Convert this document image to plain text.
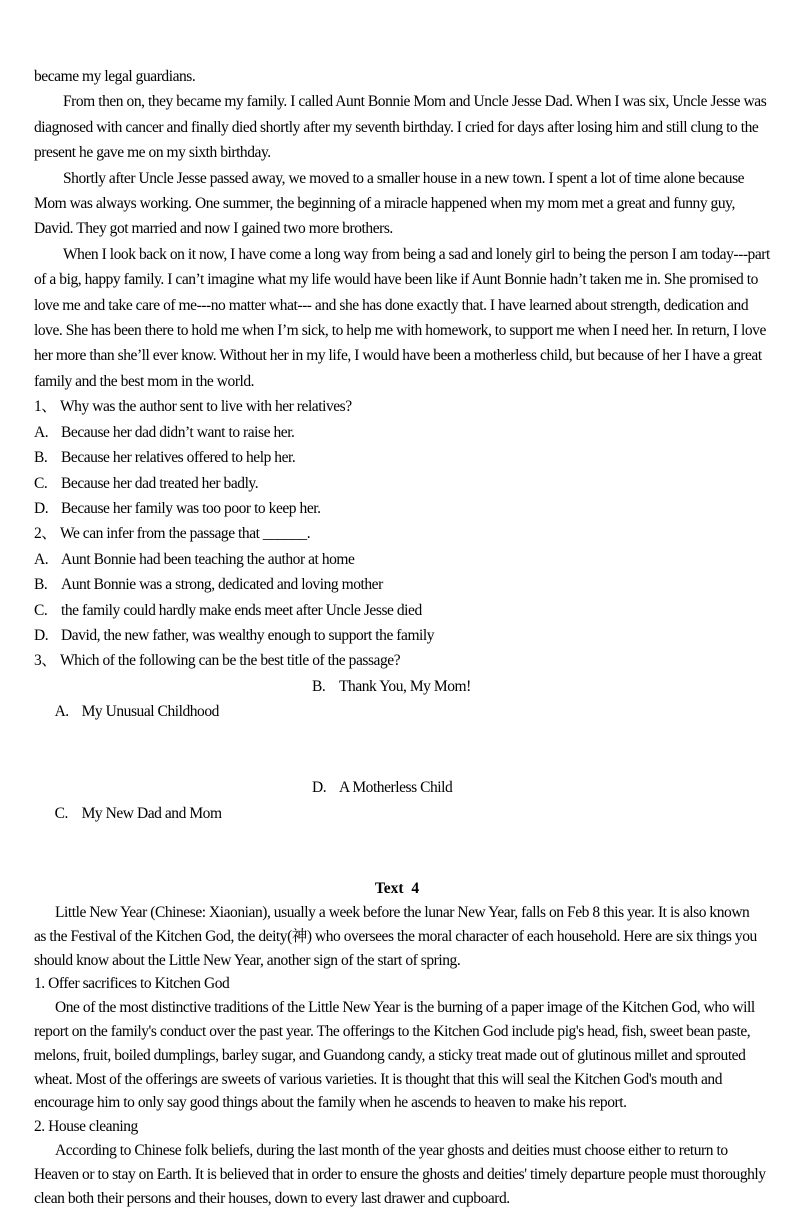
became my legal guardians.
From then on, they became my family. I called Aunt Bonnie Mom and Uncle Jesse Dad. When I was six, Uncle Jesse was
diagnosed with cancer and finally died shortly after my seventh birthday. I cried for days after losing him and still clung to the
present he gave me on my sixth birthday.
Shortly after Uncle Jesse passed away, we moved to a smaller house in a new town. I spent a lot of time alone because
Mom was always working. One summer, the beginning of a miracle happened when my mom met a great and funny guy,
David. They got married and now I gained two more brothers.
When I look back on it now, I have come a long way from being a sad and lonely girl to being the person I am today---part
of a big, happy family. I can’t imagine what my life would have been like if Aunt Bonnie hadn’t taken me in. She promised to
love me and take care of me---no matter what--- and she has done exactly that. I have learned about strength, dedication and
love. She has been there to hold me when I’m sick, to help me with homework, to support me when I need her. In return, I love
her more than she’ll ever know. Without her in my life, I would have been a motherless child, but because of her I have a great
family and the best mom in the world.
1、 Why was the author sent to live with her relatives?
A. Because her dad didn’t want to raise her.
B. Because her relatives offered to help her.
C. Because her dad treated her badly.
D. Because her family was too poor to keep her.
2、 We can infer from the passage that ______.
A. Aunt Bonnie had been teaching the author at home
B. Aunt Bonnie was a strong, dedicated and loving mother
C. the family could hardly make ends meet after Uncle Jesse died
D. David, the new father, was wealthy enough to support the family
3、 Which of the following can be the best title of the passage?

A. My Unusual Childhood

B. Thank You, My Mom!

C. My New Dad and Mom

D. A Motherless Child

Text  4
Little New Year (Chinese: Xiaonian), usually a week before the lunar New Year, falls on Feb 8 this year. It is also known
as the Festival of the Kitchen God, the deity(神) who oversees the moral character of each household. Here are six things you
should know about the Little New Year, another sign of the start of spring.
1. Offer sacrifices to Kitchen God
One of the most distinctive traditions of the Little New Year is the burning of a paper image of the Kitchen God, who will
report on the family's conduct over the past year. The offerings to the Kitchen God include pig's head, fish, sweet bean paste,
melons, fruit, boiled dumplings, barley sugar, and Guandong candy, a sticky treat made out of glutinous millet and sprouted
wheat. Most of the offerings are sweets of various varieties. It is thought that this will seal the Kitchen God's mouth and
encourage him to only say good things about the family when he ascends to heaven to make his report.
2. House cleaning
According to Chinese folk beliefs, during the last month of the year ghosts and deities must choose either to return to
Heaven or to stay on Earth. It is believed that in order to ensure the ghosts and deities' timely departure people must thoroughly
clean both their persons and their houses, down to every last drawer and cupboard.
